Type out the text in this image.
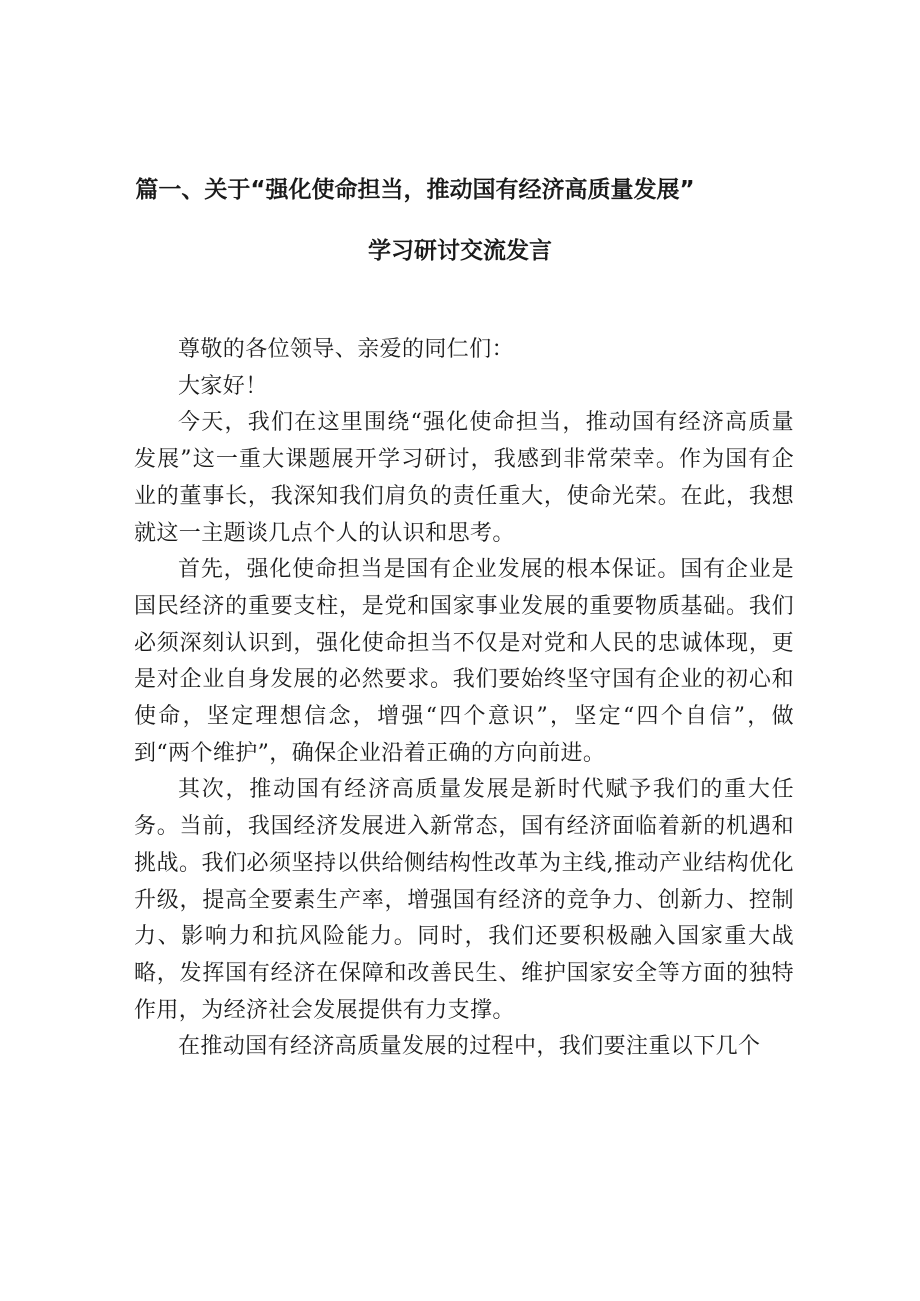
篇一、关于“强化使命担当，推动国有经济高质量发展”
学习研讨交流发言

尊敬的各位领导、亲爱的同仁们：

大家好！

今天，我们在这里围绕“强化使命担当，推动国有经济高质量发展”这一重大课题展开学习研讨，我感到非常荣幸。作为国有企业的董事长，我深知我们肩负的责任重大，使命光荣。在此，我想就这一主题谈几点个人的认识和思考。

首先，强化使命担当是国有企业发展的根本保证。国有企业是国民经济的重要支柱，是党和国家事业发展的重要物质基础。我们必须深刻认识到，强化使命担当不仅是对党和人民的忠诚体现，更是对企业自身发展的必然要求。我们要始终坚守国有企业的初心和使命，坚定理想信念，增强“四个意识”，坚定“四个自信”，做到“两个维护”，确保企业沿着正确的方向前进。

其次，推动国有经济高质量发展是新时代赋予我们的重大任务。当前，我国经济发展进入新常态，国有经济面临着新的机遇和挑战。我们必须坚持以供给侧结构性改革为主线,推动产业结构优化升级，提高全要素生产率，增强国有经济的竞争力、创新力、控制力、影响力和抗风险能力。同时，我们还要积极融入国家重大战略，发挥国有经济在保障和改善民生、维护国家安全等方面的独特作用，为经济社会发展提供有力支撑。

在推动国有经济高质量发展的过程中，我们要注重以下几个
